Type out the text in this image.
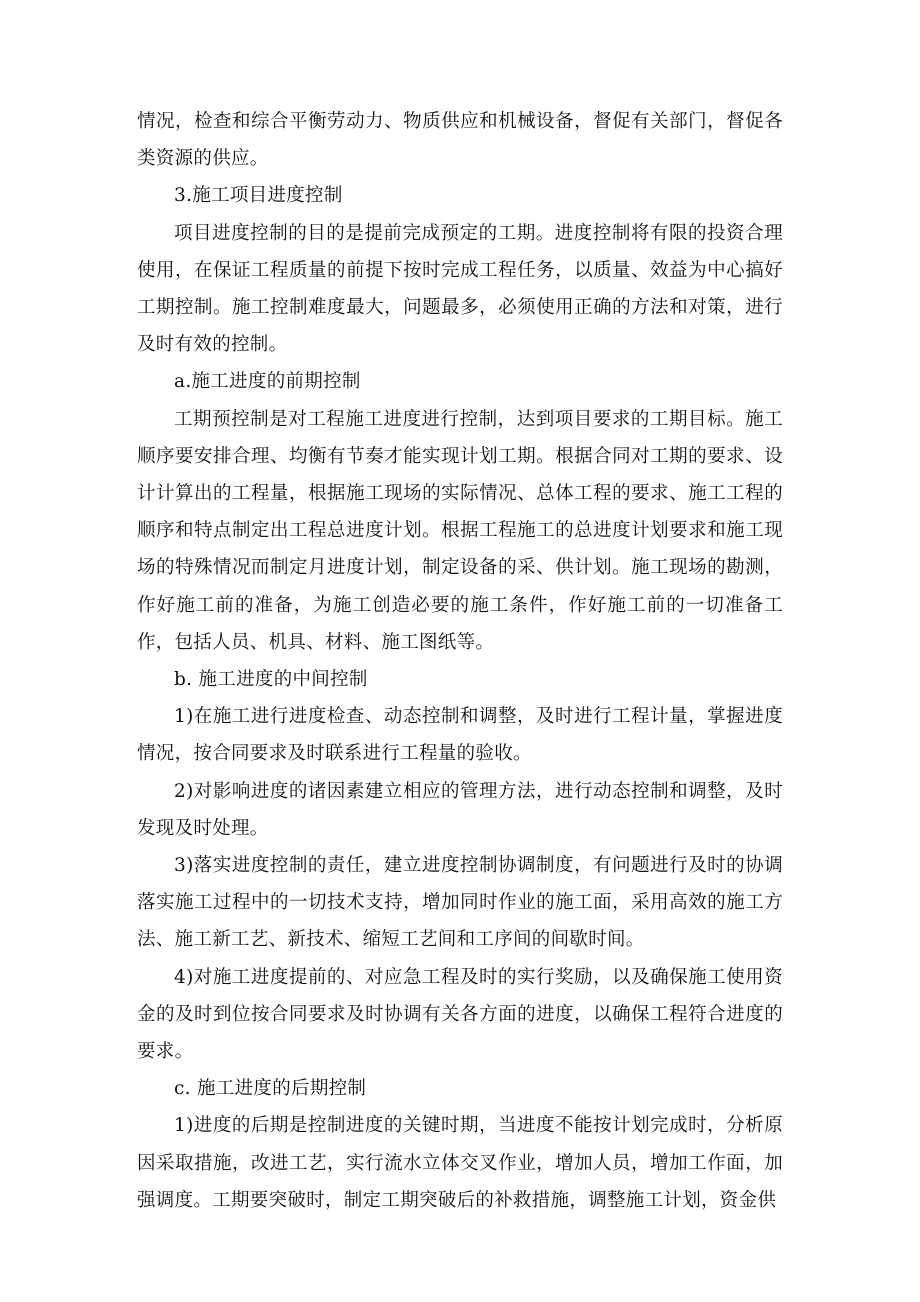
情况，检查和综合平衡劳动力、物质供应和机械设备，督促有关部门，督促各类资源的供应。

3.施工项目进度控制

项目进度控制的目的是提前完成预定的工期。进度控制将有限的投资合理使用，在保证工程质量的前提下按时完成工程任务，以质量、效益为中心搞好工期控制。施工控制难度最大，问题最多，必须使用正确的方法和对策，进行及时有效的控制。

a.施工进度的前期控制

工期预控制是对工程施工进度进行控制，达到项目要求的工期目标。施工顺序要安排合理、均衡有节奏才能实现计划工期。根据合同对工期的要求、设计计算出的工程量，根据施工现场的实际情况、总体工程的要求、施工工程的顺序和特点制定出工程总进度计划。根据工程施工的总进度计划要求和施工现场的特殊情况而制定月进度计划，制定设备的采、供计划。施工现场的勘测，作好施工前的准备，为施工创造必要的施工条件，作好施工前的一切准备工作，包括人员、机具、材料、施工图纸等。

b. 施工进度的中间控制

1)在施工进行进度检查、动态控制和调整，及时进行工程计量，掌握进度情况，按合同要求及时联系进行工程量的验收。

2)对影响进度的诸因素建立相应的管理方法，进行动态控制和调整，及时发现及时处理。

3)落实进度控制的责任，建立进度控制协调制度，有问题进行及时的协调落实施工过程中的一切技术支持，增加同时作业的施工面，采用高效的施工方法、施工新工艺、新技术、缩短工艺间和工序间的间歇时间。

4)对施工进度提前的、对应急工程及时的实行奖励，以及确保施工使用资金的及时到位按合同要求及时协调有关各方面的进度，以确保工程符合进度的要求。

c. 施工进度的后期控制

1)进度的后期是控制进度的关键时期，当进度不能按计划完成时，分析原因采取措施，改进工艺，实行流水立体交叉作业，增加人员，增加工作面，加强调度。工期要突破时，制定工期突破后的补救措施，调整施工计划，资金供
